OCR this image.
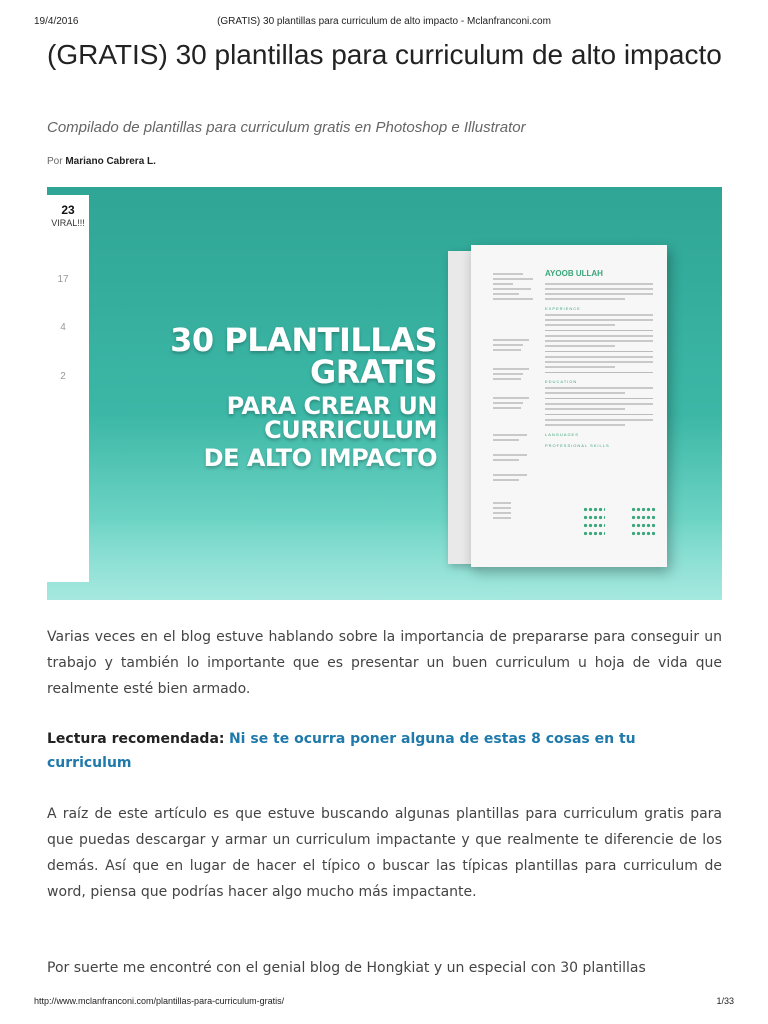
19/4/2016	(GRATIS) 30 plantillas para curriculum de alto impacto - Mclanfranconi.com
(GRATIS) 30 plantillas para curriculum de alto impacto
Compilado de plantillas para curriculum gratis en Photoshop e Illustrator
Por Mariano Cabrera L.
30 PLANTILLAS GRATIS
PARA CREAR UN CURRICULUM
DE ALTO IMPACTO
AYOOB ULLAH
EXPERIENCE
EDUCATION
LANGUAGES
PROFESSIONAL SKILLS
23
VIRAL!!!
17
4
2

Varias veces en el blog estuve hablando sobre la importancia de prepararse para conseguir un trabajo y también lo importante que es presentar un buen curriculum u hoja de vida que realmente esté bien armado.

Lectura recomendada: Ni se te ocurra poner alguna de estas 8 cosas en tu curriculum

A raíz de este artículo es que estuve buscando algunas plantillas para curriculum gratis para que puedas descargar y armar un curriculum impactante y que realmente te diferencie de los demás. Así que en lugar de hacer el típico o buscar las típicas plantillas para curriculum de word, piensa que podrías hacer algo mucho más impactante.

Por suerte me encontré con el genial blog de Hongkiat y un especial con 30 plantillas

http://www.mclanfranconi.com/plantillas-para-curriculum-gratis/	1/33
